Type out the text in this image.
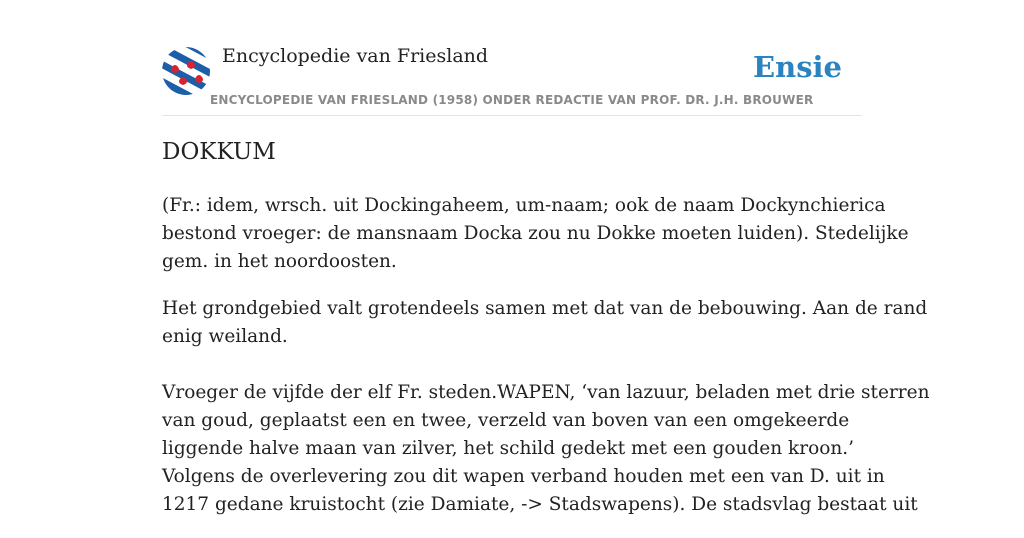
Encyclopedie van Friesland	Ensie
ENCYCLOPEDIE VAN FRIESLAND (1958) ONDER REDACTIE VAN PROF. DR. J.H. BROUWER
DOKKUM

(Fr.: idem, wrsch. uit Dockingaheem, um-naam; ook de naam Dockynchierica
bestond vroeger: de mansnaam Docka zou nu Dokke moeten luiden). Stedelijke
gem. in het noordoosten.

Het grondgebied valt grotendeels samen met dat van de bebouwing. Aan de rand
enig weiland.

Vroeger de vijfde der elf Fr. steden.WAPEN, ‘van lazuur, beladen met drie sterren
van goud, geplaatst een en twee, verzeld van boven van een omgekeerde
liggende halve maan van zilver, het schild gedekt met een gouden kroon.’
Volgens de overlevering zou dit wapen verband houden met een van D. uit in
1217 gedane kruistocht (zie Damiate, -> Stadswapens). De stadsvlag bestaat uit
